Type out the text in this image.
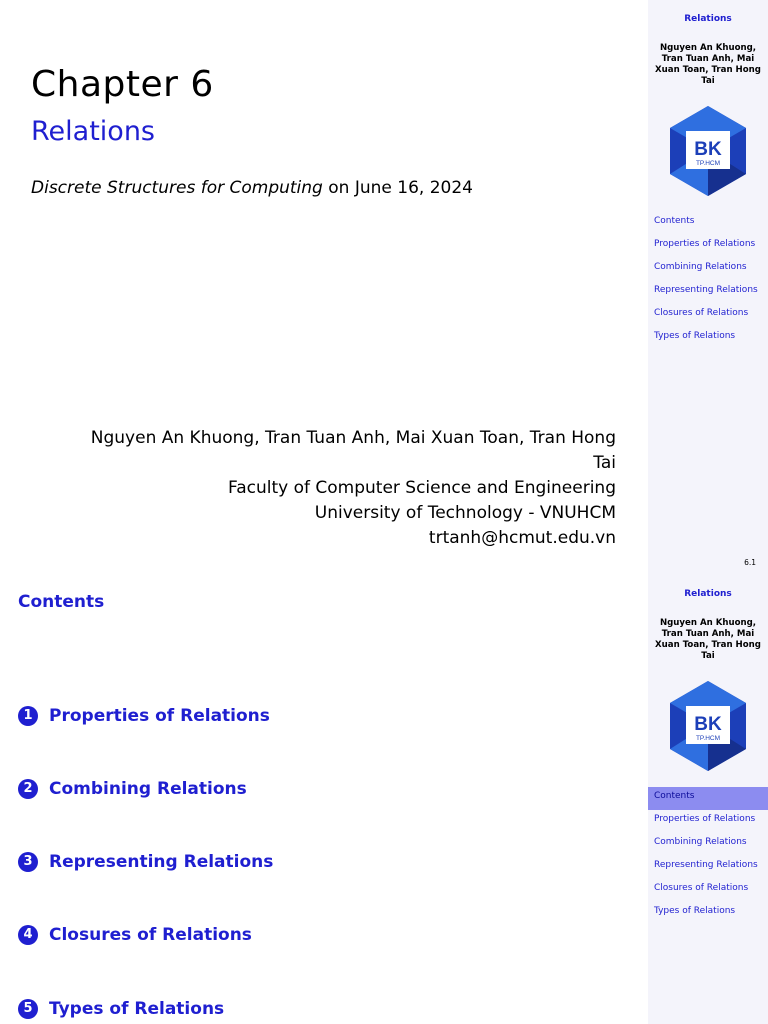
Chapter 6
Relations
Discrete Structures for Computing on June 16, 2024
Nguyen An Khuong, Tran Tuan Anh, Mai Xuan Toan, Tran Hong
Tai
Faculty of Computer Science and Engineering
University of Technology - VNUHCM
trtanh@hcmut.edu.vn
Relations
Nguyen An Khuong,
Tran Tuan Anh, Mai
Xuan Toan, Tran Hong
Tai
BK
TP.HCM
Contents
Properties of Relations
Combining Relations
Representing Relations
Closures of Relations
Types of Relations
6.1
Contents
1 Properties of Relations
2 Combining Relations
3 Representing Relations
4 Closures of Relations
5 Types of Relations
Relations
Nguyen An Khuong,
Tran Tuan Anh, Mai
Xuan Toan, Tran Hong
Tai
BK
TP.HCM
Contents
Properties of Relations
Combining Relations
Representing Relations
Closures of Relations
Types of Relations
